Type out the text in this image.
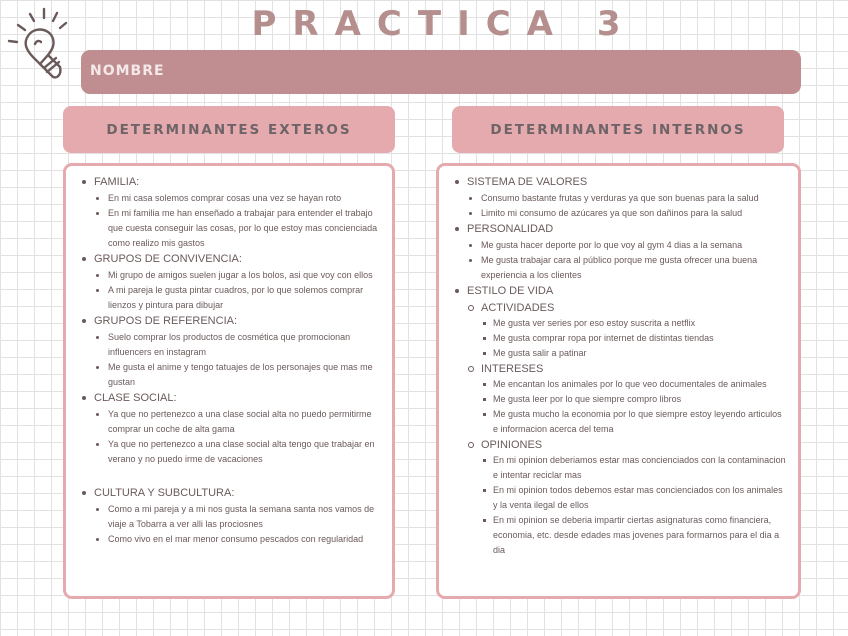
PRACTICA 3
NOMBRE
DETERMINANTES EXTEROS	DETERMINANTES INTERNOS
FAMILIA:
En mi casa solemos comprar cosas una vez se hayan roto
En mi familia me han enseñado a trabajar para entender el trabajo que cuesta conseguir las cosas, por lo que estoy mas concienciada como realizo mis gastos
GRUPOS DE CONVIVENCIA:
Mi grupo de amigos suelen jugar a los bolos, asi que voy con ellos
A mi pareja le gusta pintar cuadros, por lo que solemos comprar lienzos y pintura para dibujar
GRUPOS DE REFERENCIA:
Suelo comprar los productos de cosmética que promocionan influencers en instagram
Me gusta el anime y tengo tatuajes de los personajes que mas me gustan
CLASE SOCIAL:
Ya que no pertenezco a una clase social alta no puedo permitirme comprar un coche de alta gama
Ya que no pertenezco a una clase social alta tengo que trabajar en verano y no puedo irme de vacaciones
CULTURA Y SUBCULTURA:
Como a mi pareja y a mi nos gusta la semana santa nos vamos de viaje a Tobarra a ver alli las prociosnes
Como vivo en el mar menor consumo pescados con regularidad
SISTEMA DE VALORES
Consumo bastante frutas y verduras ya que son buenas para la salud
Limito mi consumo de azúcares ya que son dañinos para la salud
PERSONALIDAD
Me gusta hacer deporte por lo que voy al gym 4 dias a la semana
Me gusta trabajar cara al público porque me gusta ofrecer una buena experiencia a los clientes
ESTILO DE VIDA
ACTIVIDADES
Me gusta ver series por eso estoy suscrita a netflix
Me gusta comprar ropa por internet de distintas tiendas
Me gusta salir a patinar
INTERESES
Me encantan los animales por lo que veo documentales de animales
Me gusta leer por lo que siempre compro libros
Me gusta mucho la economia por lo que siempre estoy leyendo articulos e informacion acerca del tema
OPINIONES
En mi opinion deberiamos estar mas concienciados con la contaminacion e intentar reciclar mas
En mi opinion todos debemos estar mas concienciados con los animales y la venta ilegal de ellos
En mi opinion se deberia impartir ciertas asignaturas como financiera, economia, etc. desde edades mas jovenes para formarnos para el dia a dia
